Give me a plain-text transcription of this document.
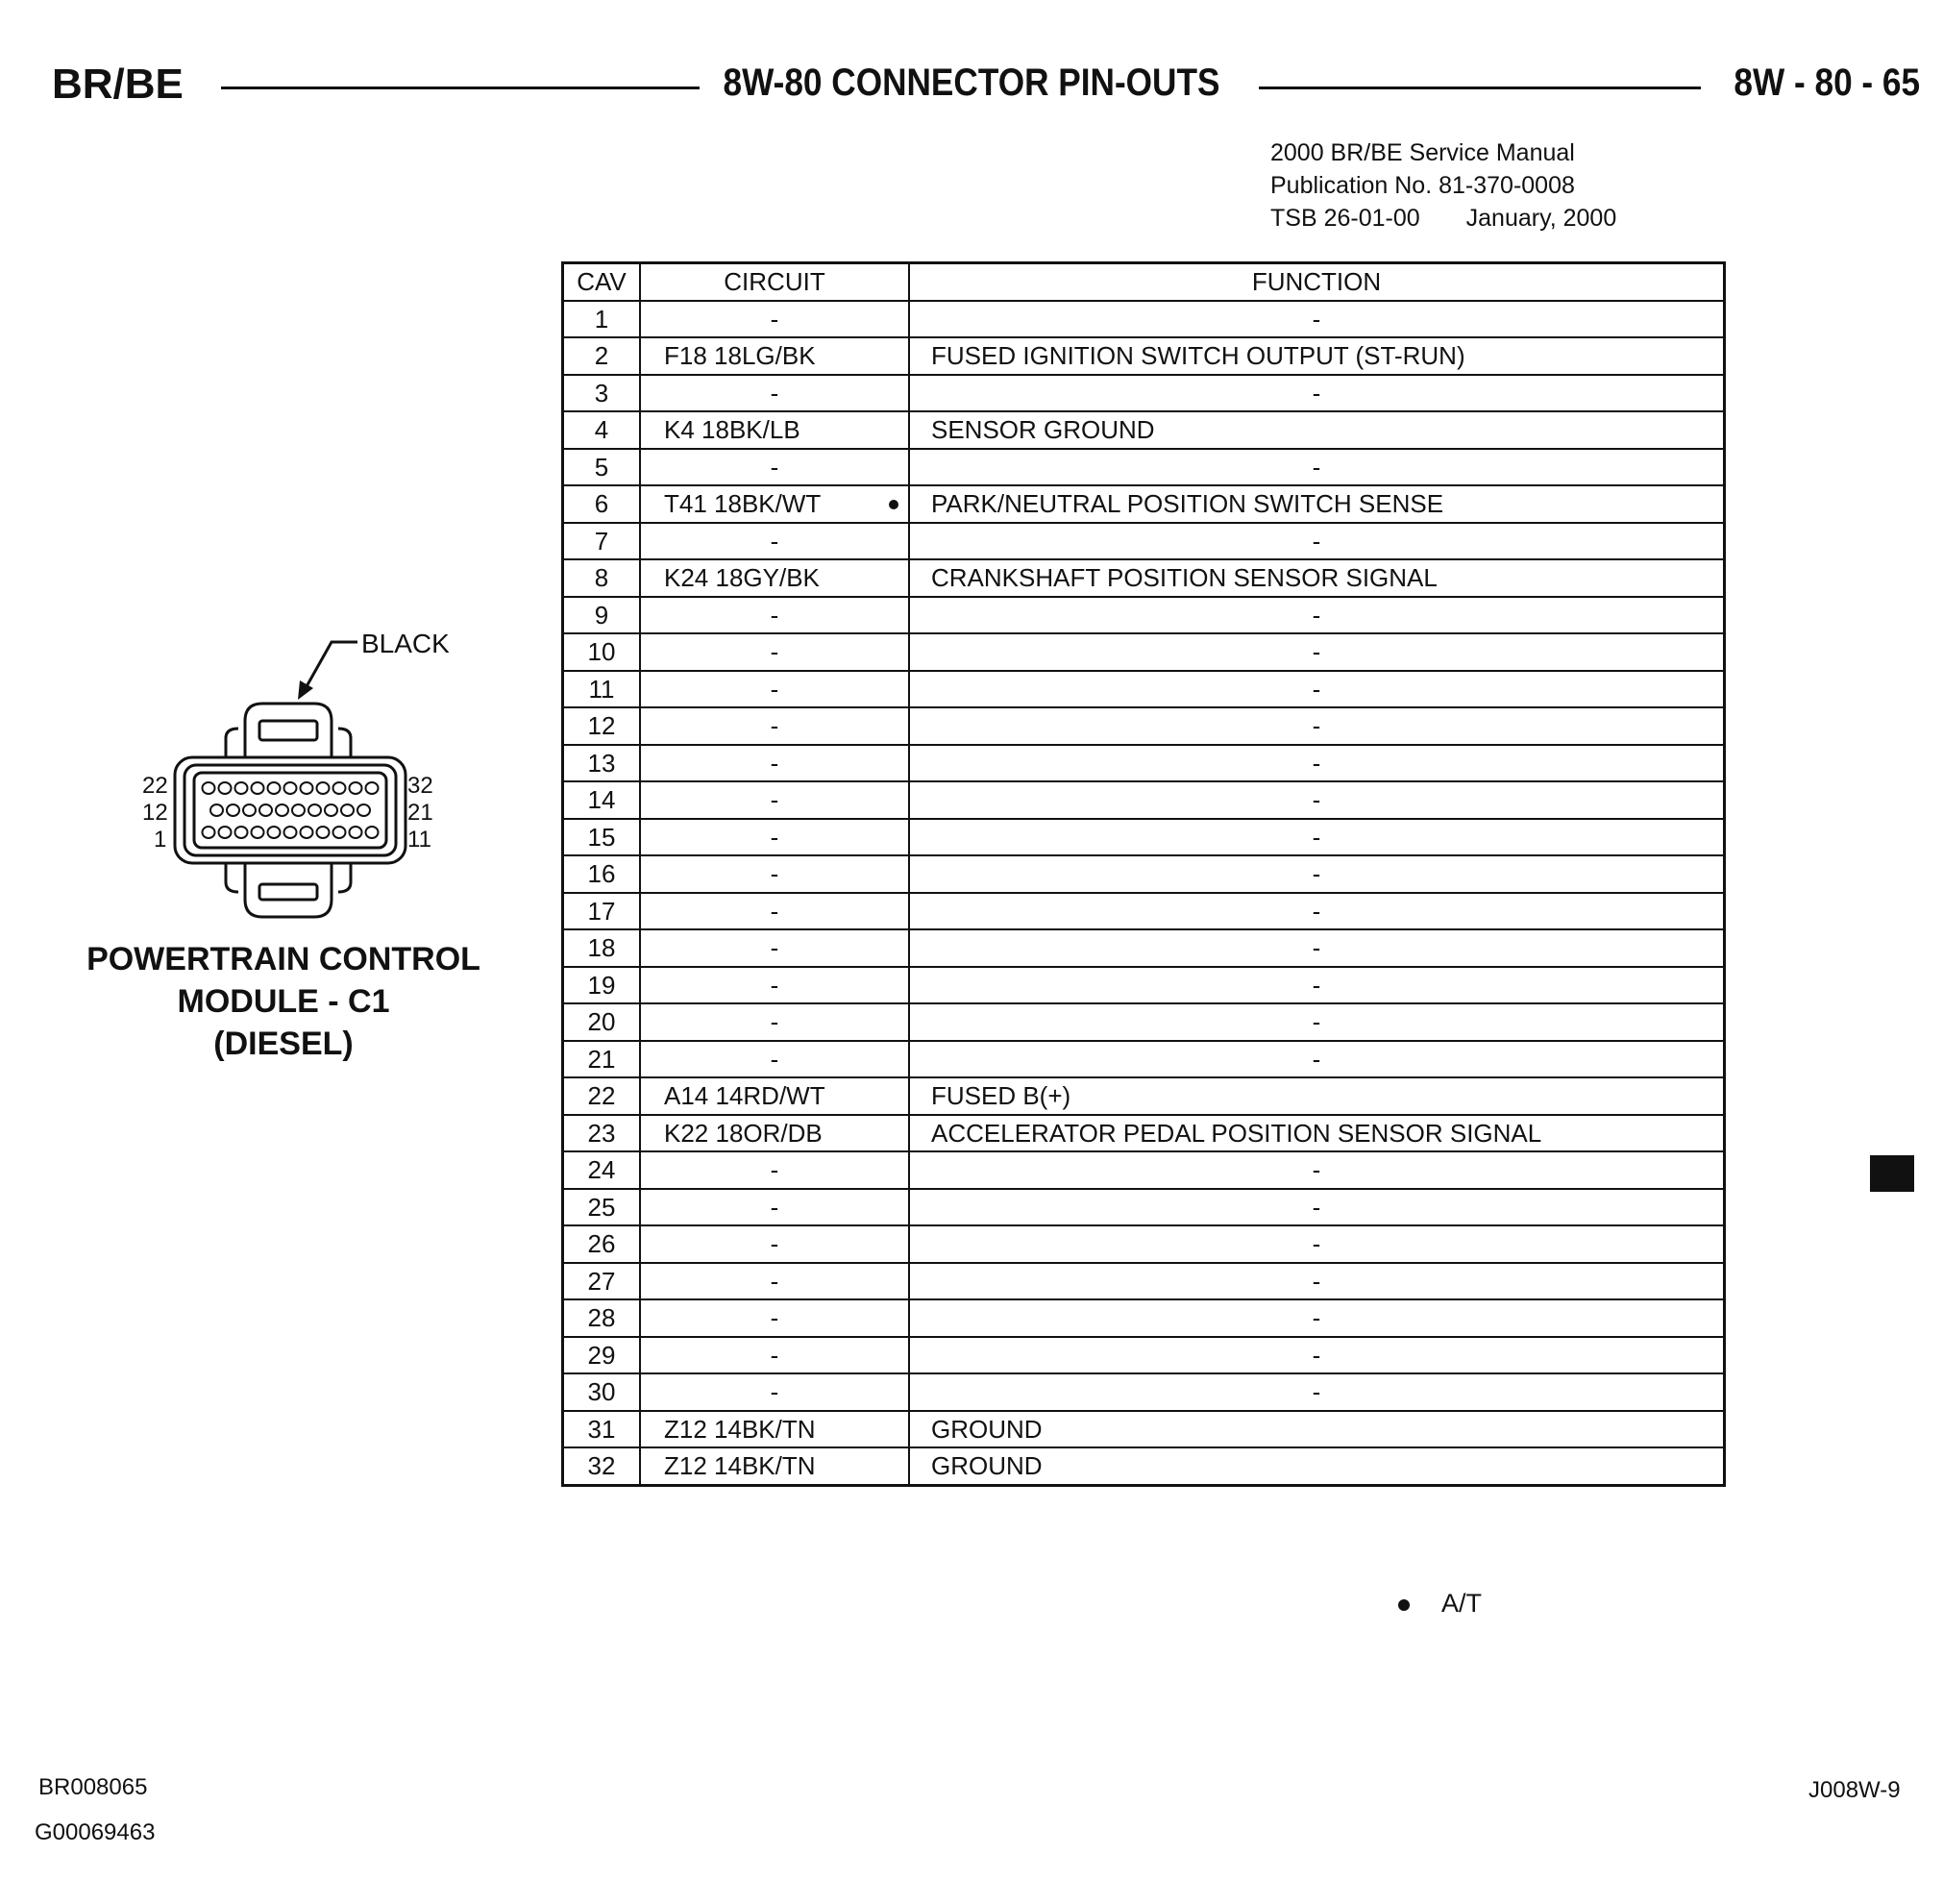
BR/BE	8W-80 CONNECTOR PIN-OUTS	8W - 80 - 65
2000 BR/BE Service Manual
Publication No. 81-370-0008
TSB 26-01-00 January, 2000
CAV	CIRCUIT	FUNCTION
1	-	-
2	F18 18LG/BK	FUSED IGNITION SWITCH OUTPUT (ST-RUN)
3	-	-
4	K4 18BK/LB	SENSOR GROUND
5	-	-
6	T41 18BK/WT	PARK/NEUTRAL POSITION SWITCH SENSE
7	-	-
8	K24 18GY/BK	CRANKSHAFT POSITION SENSOR SIGNAL
9	-	-
10	-	-
11	-	-
12	-	-
13	-	-
14	-	-
15	-	-
16	-	-
17	-	-
18	-	-
19	-	-
20	-	-
21	-	-
22	A14 14RD/WT	FUSED B(+)
23	K22 18OR/DB	ACCELERATOR PEDAL POSITION SENSOR SIGNAL
24	-	-
25	-	-
26	-	-
27	-	-
28	-	-
29	-	-
30	-	-
31	Z12 14BK/TN	GROUND
32	Z12 14BK/TN	GROUND
BLACK
22
12
1
32
21
11
POWERTRAIN CONTROL
MODULE - C1
(DIESEL)
A/T
BR008065
G00069463
J008W-9
